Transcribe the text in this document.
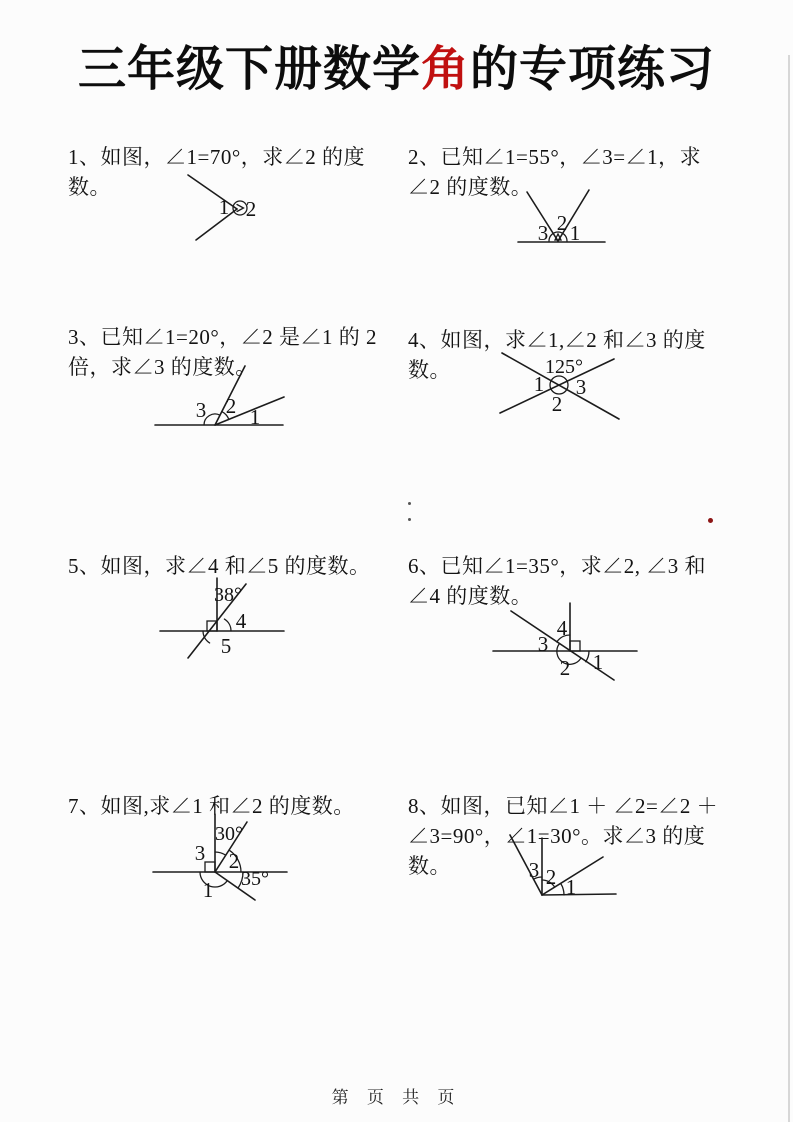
三年级下册数学角的专项练习

1、如图，∠1=70°，求∠2 的度数。

2、已知∠1=55°，∠3=∠1，求∠2 的度数。

3、已知∠1=20°，∠2 是∠1 的 2 倍，求∠3 的度数。

4、如图，求∠1,∠2 和∠3 的度数。

5、如图，求∠4 和∠5 的度数。	6、已知∠1=35°，求∠2, ∠3 和∠4 的度数。

7、如图,求∠1 和∠2 的度数。	8、如图，已知∠1 ＋ ∠2=∠2 ＋ ∠3=90°，∠1=30°。求∠3 的度数。

1 2
3 2 1
3 2 1
125°
1 3
2
38°
4
5
4
3
2 1
30°
3 2
35°
1
3 2 1
第 页 共 页
